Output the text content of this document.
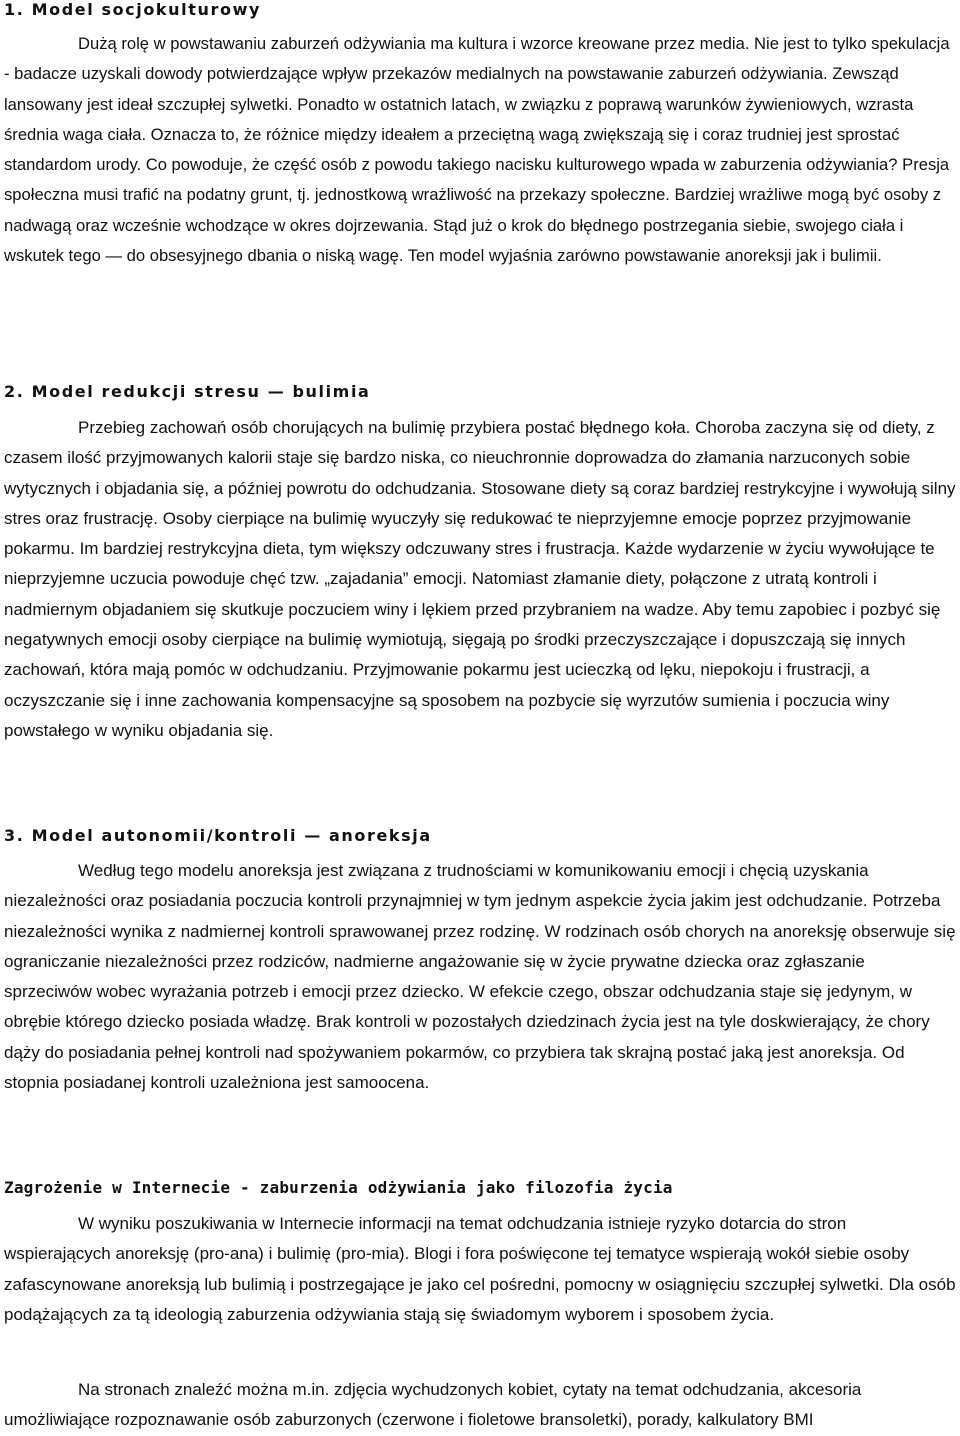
1. Model socjokulturowy

Dużą rolę w powstawaniu zaburzeń odżywiania ma kultura i wzorce kreowane przez media. Nie jest to tylko spekulacja - badacze uzyskali dowody potwierdzające wpływ przekazów medialnych na powstawanie zaburzeń odżywiania. Zewsząd lansowany jest ideał szczupłej sylwetki. Ponadto w ostatnich latach, w związku z poprawą warunków żywieniowych, wzrasta średnia waga ciała. Oznacza to, że różnice między ideałem a przeciętną wagą zwiększają się i coraz trudniej jest sprostać standardom urody. Co powoduje, że część osób z powodu takiego nacisku kulturowego wpada w zaburzenia odżywiania? Presja społeczna musi trafić na podatny grunt, tj. jednostkową wrażliwość na przekazy społeczne. Bardziej wrażliwe mogą być osoby z nadwagą oraz wcześnie wchodzące w okres dojrzewania. Stąd już o krok do błędnego postrzegania siebie, swojego ciała i wskutek tego — do obsesyjnego dbania o niską wagę. Ten model wyjaśnia zarówno powstawanie anoreksji jak i bulimii.

2. Model redukcji stresu — bulimia

Przebieg zachowań osób chorujących na bulimię przybiera postać błędnego koła. Choroba zaczyna się od diety, z czasem ilość przyjmowanych kalorii staje się bardzo niska, co nieuchronnie doprowadza do złamania narzuconych sobie wytycznych i objadania się, a później powrotu do odchudzania. Stosowane diety są coraz bardziej restrykcyjne i wywołują silny stres oraz frustrację. Osoby cierpiące na bulimię wyuczyły się redukować te nieprzyjemne emocje poprzez przyjmowanie pokarmu. Im bardziej restrykcyjna dieta, tym większy odczuwany stres i frustracja. Każde wydarzenie w życiu wywołujące te nieprzyjemne uczucia powoduje chęć tzw. „zajadania” emocji. Natomiast złamanie diety, połączone z utratą kontroli i nadmiernym objadaniem się skutkuje poczuciem winy i lękiem przed przybraniem na wadze. Aby temu zapobiec i pozbyć się negatywnych emocji osoby cierpiące na bulimię wymiotują, sięgają po środki przeczyszczające i dopuszczają się innych zachowań, która mają pomóc w odchudzaniu. Przyjmowanie pokarmu jest ucieczką od lęku, niepokoju i frustracji, a oczyszczanie się i inne zachowania kompensacyjne są sposobem na pozbycie się wyrzutów sumienia i poczucia winy powstałego w wyniku objadania się.

3. Model autonomii/kontroli — anoreksja

Według tego modelu anoreksja jest związana z trudnościami w komunikowaniu emocji i chęcią uzyskania niezależności oraz posiadania poczucia kontroli przynajmniej w tym jednym aspekcie życia jakim jest odchudzanie. Potrzeba niezależności wynika z nadmiernej kontroli sprawowanej przez rodzinę. W rodzinach osób chorych na anoreksję obserwuje się ograniczanie niezależności przez rodziców, nadmierne angażowanie się w życie prywatne dziecka oraz zgłaszanie sprzeciwów wobec wyrażania potrzeb i emocji przez dziecko. W efekcie czego, obszar odchudzania staje się jedynym, w obrębie którego dziecko posiada władzę. Brak kontroli w pozostałych dziedzinach życia jest na tyle doskwierający, że chory dąży do posiadania pełnej kontroli nad spożywaniem pokarmów, co przybiera tak skrajną postać jaką jest anoreksja. Od stopnia posiadanej kontroli uzależniona jest samoocena.

Zagrożenie w Internecie - zaburzenia odżywiania jako filozofia życia

W wyniku poszukiwania w Internecie informacji na temat odchudzania istnieje ryzyko dotarcia do stron wspierających anoreksję (pro-ana) i bulimię (pro-mia). Blogi i fora poświęcone tej tematyce wspierają wokół siebie osoby zafascynowane anoreksją lub bulimią i postrzegające je jako cel pośredni, pomocny w osiągnięciu szczupłej sylwetki. Dla osób podążających za tą ideologią zaburzenia odżywiania stają się świadomym wyborem i sposobem życia.

Na stronach znaleźć można m.in. zdjęcia wychudzonych kobiet, cytaty na temat odchudzania, akcesoria umożliwiające rozpoznawanie osób zaburzonych (czerwone i fioletowe bransoletki), porady, kalkulatory BMI
